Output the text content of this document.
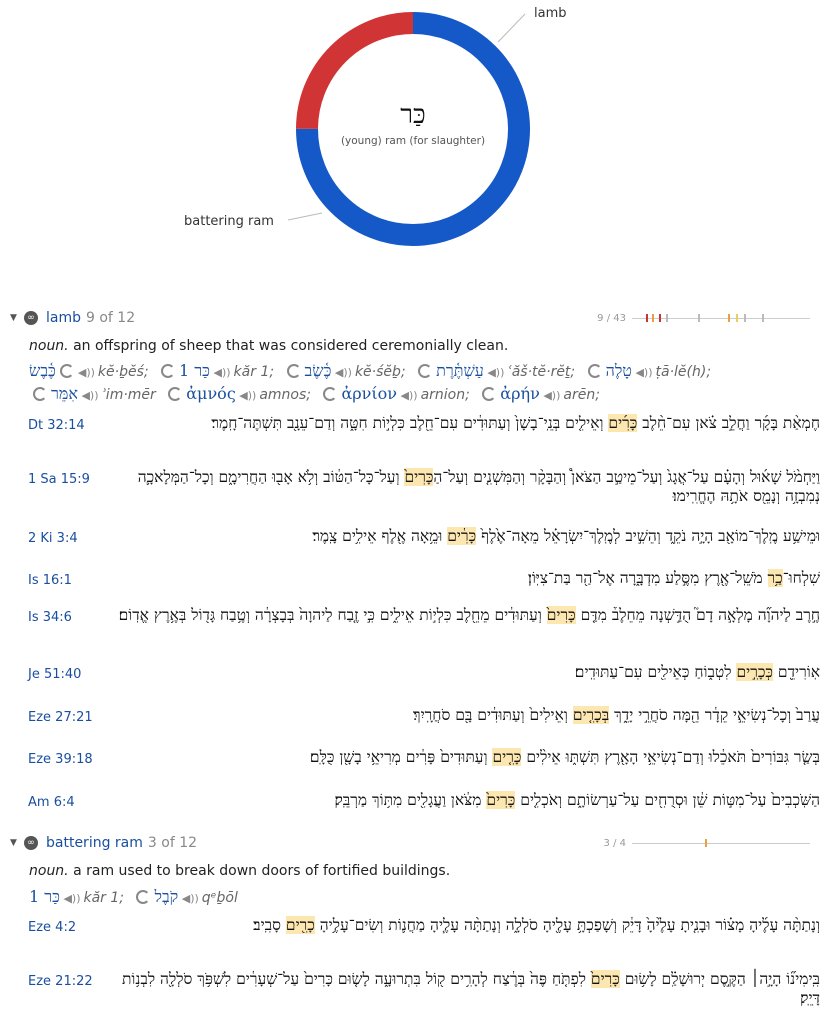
כַּר
(young) ram (for slaughter)
lamb
battering ram
▼	∞ lamb 9 of 12	9 / 43
noun. an offspring of sheep that was considered ceremonially clean.
כֶּ֫בֶשׂ ◀)) kĕ·ḇĕś; כַּר 1 ◀)) kăr 1; כֶּ֫שֶׂב ◀)) kĕ·śĕḇ; עַשְׁתֶּ֫רֶת ◀)) ʿăš·tĕ·rĕṯ; טָלֶה ◀)) ṭā·lĕ(h);
אִמֵּר ◀)) ʾim·mēr ἀμνός ◀)) amnos; ἀρνίον ◀)) arnion; ἀρήν ◀)) arēn;
Dt 32:14	חֶמְאַ֨ת בָּקָ֜ר וַחֲלֵ֣ב צֹ֗אן עִם־חֵ֨לֶב כָּרִ֜ים וְאֵילִ֤ים בְּנֵֽי־בָשָׁן֙ וְעַתּוּדִ֔ים עִם־חֵ֖לֶב כִּלְי֣וֹת חִטָּ֑ה וְדַם־עֵנָ֖ב תִּשְׁתֶּה־חָֽמֶר׃
1 Sa 15:9	וַיַּחְמֹ֨ל שָׁא֜וּל וְהָעָ֗ם עַל־אֲגָג֙ וְעַל־מֵיטַ֣ב הַצֹּאן֩ וְהַבָּקָ֨ר וְהַמִּשְׁנִ֤ים וְעַל־הַכָּרִים֙ וְעַל־כָּל־הַטּ֔וֹב וְלֹ֥א אָב֖וּ הַחֲרִימָ֑ם וְכָל־הַמְּלָאכָ֛ה נְמִבְזָ֥ה וְנָמֵ֖ס אֹתָ֥הּ הֶחֱרִֽימוּ׃
2 Ki 3:4	וּמֵישַׁ֥ע מֶֽלֶךְ־מוֹאָ֖ב הָיָ֣ה נֹקֵ֑ד וְהֵשִׁ֣יב לְמֶֽלֶךְ־יִשְׂרָאֵ֗ל מֵאָה־אֶ֙לֶף֙ כָּרִ֔ים וּמֵ֥אָה אֶ֖לֶף אֵילִ֥ים צָֽמֶר׃
Is 16:1	שִׁלְחוּ־כַ֥ר מֹשֵֽׁל־אֶ֖רֶץ מִסֶּ֣לַע מִדְבָּ֑רָה אֶל־הַ֖ר בַּת־צִיּֽוֹן׃
Is 34:6	חֶ֣רֶב לַיהוָ֞ה מָלְאָ֣ה דָם֮ הֻדַּ֣שְׁנָה מֵחֵלֶב֒ מִדַּ֤ם כָּרִים֙ וְעַתּוּדִ֔ים מֵחֵ֖לֶב כִּלְי֣וֹת אֵילִ֑ים כִּ֣י זֶ֤בַח לַיהוָה֙ בְּבָצְרָ֔ה וְטֶ֥בַח גָּד֖וֹל בְּאֶ֥רֶץ אֱדֽוֹם׃
Je 51:40	אֽוֹרִידֵ֖ם כְּכָרִ֣ים לִטְב֑וֹחַ כְּאֵילִ֖ים עִם־עַתּוּדִֽים׃
Eze 27:21	עֲרַב֙ וְכָל־נְשִׂיאֵ֣י קֵדָ֔ר הֵ֖מָּה סֹחֲרֵ֣י יָדֵ֑ךְ בְּכָרִ֤ים וְאֵילִים֙ וְעַתּוּדִ֔ים בָּ֖ם סֹחֲרָֽיִךְ׃
Eze 39:18	בְּשַׂ֤ר גִּבּוֹרִים֙ תֹּאכֵ֔לוּ וְדַם־נְשִׂיאֵ֥י הָאָ֖רֶץ תִּשְׁתּ֑וּ אֵילִ֨ים כָּרִ֤ים וְעַתּוּדִים֙ פָּרִ֔ים מְרִיאֵ֥י בָשָׁ֖ן כֻּלָּֽם׃
Am 6:4	הַשֹּֽׁכְבִים֙ עַל־מִטּ֣וֹת שֵׁ֔ן וּסְרֻחִ֖ים עַל־עַרְשׂוֹתָ֑ם וְאֹכְלִ֤ים כָּרִים֙ מִצֹּ֔אן וַעֲגָלִ֖ים מִתּ֥וֹךְ מַרְבֵּֽק׃
▼	∞ battering ram 3 of 12	3 / 4
noun. a ram used to break down doors of fortified buildings.
כַּר 1 ◀)) kăr 1; קֹבֶל ◀)) qᵉḇōl
Eze 4:2	וְנָתַתָּ֨ה עָלֶ֜יהָ מָצ֗וֹר וּבָנִ֤יתָ עָלֶ֙יהָ֙ דָּיֵ֔ק וְשָׁפַכְתָּ֥ עָלֶ֖יהָ סֹלְלָ֑ה וְנָתַתָּ֨ה עָלֶ֧יהָ מַחֲנ֛וֹת וְשִׂים־עָלֶ֥יהָ כָרִ֖ים סָבִֽיב׃
Eze 21:22	בִּֽימִינ֞וֹ הָיָ֣ה׀ הַקֶּ֣סֶם יְרוּשָׁלִַ֗ם לָשׂ֥וּם כָּרִים֙ לִפְתֹּ֤חַ פֶּה֙ בְּרֶ֔צַח לְהָרִ֥ים ק֖וֹל בִּתְרוּעָ֑ה לָשׂ֤וּם כָּרִים֙ עַל־שְׁעָרִ֔ים לִשְׁפֹּ֥ךְ סֹלְלָ֖ה לִבְנ֥וֹת דָּיֵֽק׃
